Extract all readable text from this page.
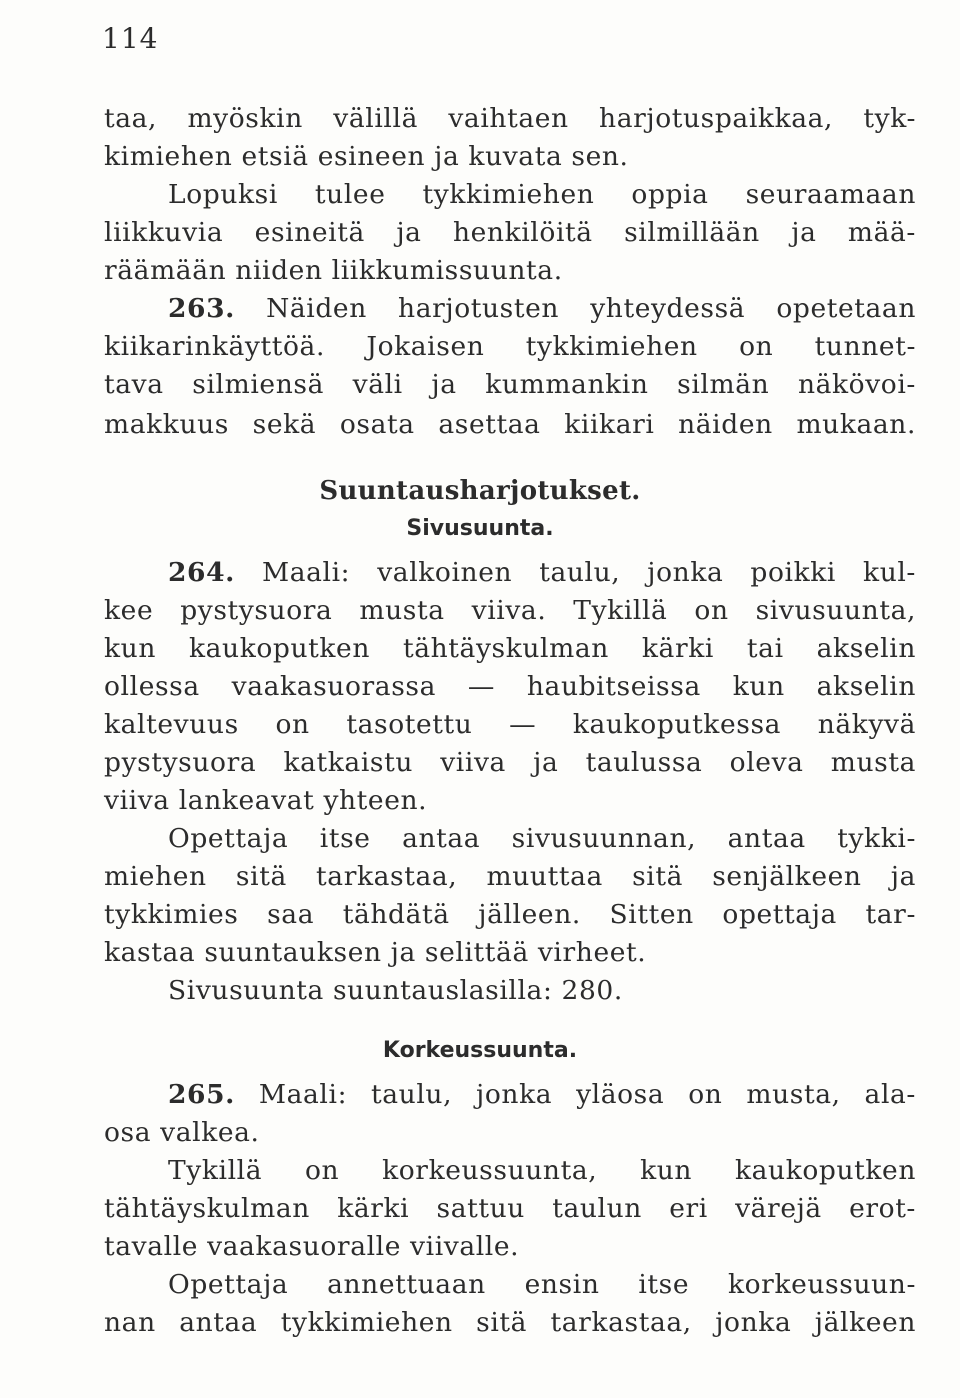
114
taa, myöskin välillä vaihtaen harjotuspaikkaa, tyk-
kimiehen etsiä esineen ja kuvata sen.
Lopuksi tulee tykkimiehen oppia seuraamaan
liikkuvia esineitä ja henkilöitä silmillään ja mää-
räämään niiden liikkumissuunta.
263. Näiden harjotusten yhteydessä opetetaan
kiikarinkäyttöä. Jokaisen tykkimiehen on tunnet-
tava silmiensä väli ja kummankin silmän näkövoi-
makkuus sekä osata asettaa kiikari näiden mukaan.
Suuntausharjotukset.
Sivusuunta.
264. Maali: valkoinen taulu, jonka poikki kul-
kee pystysuora musta viiva. Tykillä on sivusuunta,
kun kaukoputken tähtäyskulman kärki tai akselin
ollessa vaakasuorassa — haubitseissa kun akselin
kaltevuus on tasotettu — kaukoputkessa näkyvä
pystysuora katkaistu viiva ja taulussa oleva musta
viiva lankeavat yhteen.
Opettaja itse antaa sivusuunnan, antaa tykki-
miehen sitä tarkastaa, muuttaa sitä senjälkeen ja
tykkimies saa tähdätä jälleen. Sitten opettaja tar-
kastaa suuntauksen ja selittää virheet.
Sivusuunta suuntauslasilla: 280.
Korkeussuunta.
265. Maali: taulu, jonka yläosa on musta, ala-
osa valkea.
Tykillä on korkeussuunta, kun kaukoputken
tähtäyskulman kärki sattuu taulun eri värejä erot-
tavalle vaakasuoralle viivalle.
Opettaja annettuaan ensin itse korkeussuun-
nan antaa tykkimiehen sitä tarkastaa, jonka jälkeen
